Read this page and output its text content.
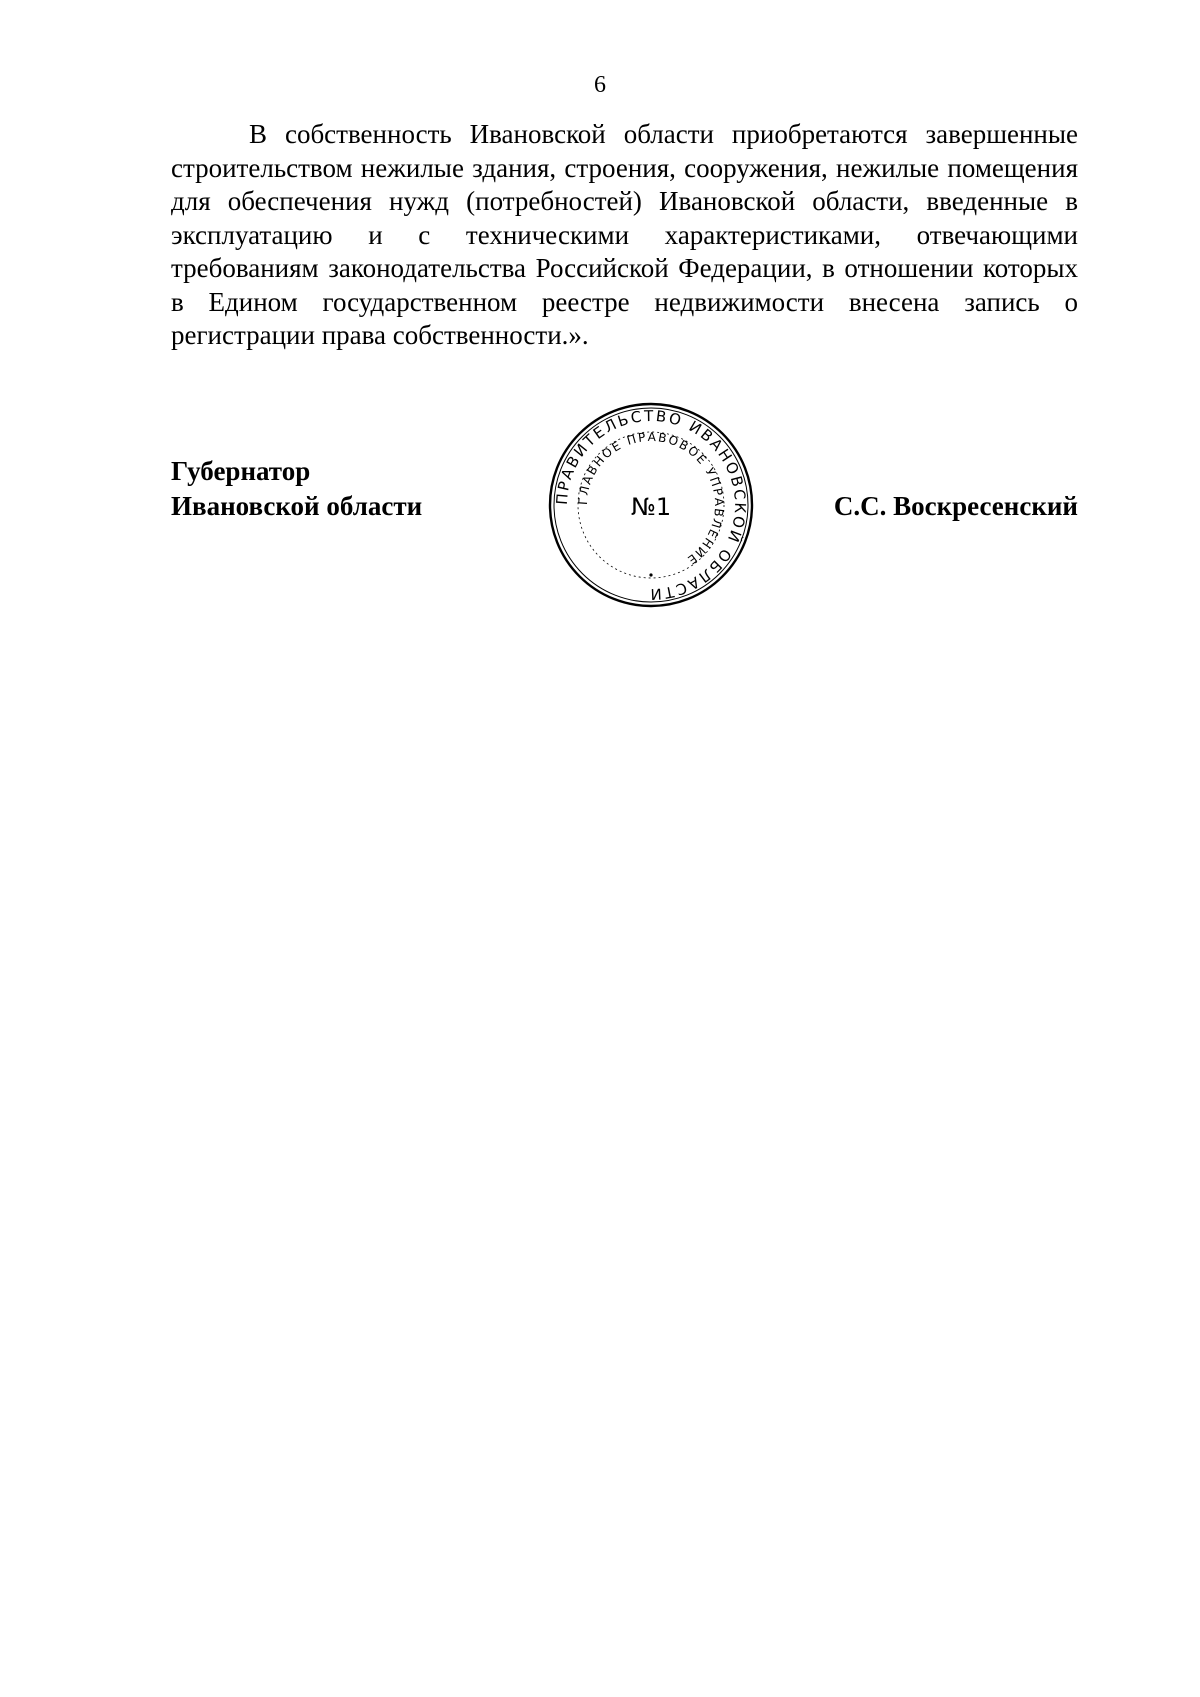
6

В собственность Ивановской области приобретаются завершенные строительством нежилые здания, строения, сооружения, нежилые помещения для обеспечения нужд (потребностей) Ивановской области, введенные в эксплуатацию и с техническими характеристиками, отвечающими требованиям законодательства Российской Федерации, в отношении которых в Едином государственном реестре недвижимости внесена запись о регистрации права собственности.».

Губернатор
Ивановской области	ПРАВИТЕЛЬСТВО ИВАНОВСКОЙ ОБЛАСТИ
ГЛАВНОЕ ПРАВОВОЕ УПРАВЛЕНИЕ
№1	С.С. Воскресенский
